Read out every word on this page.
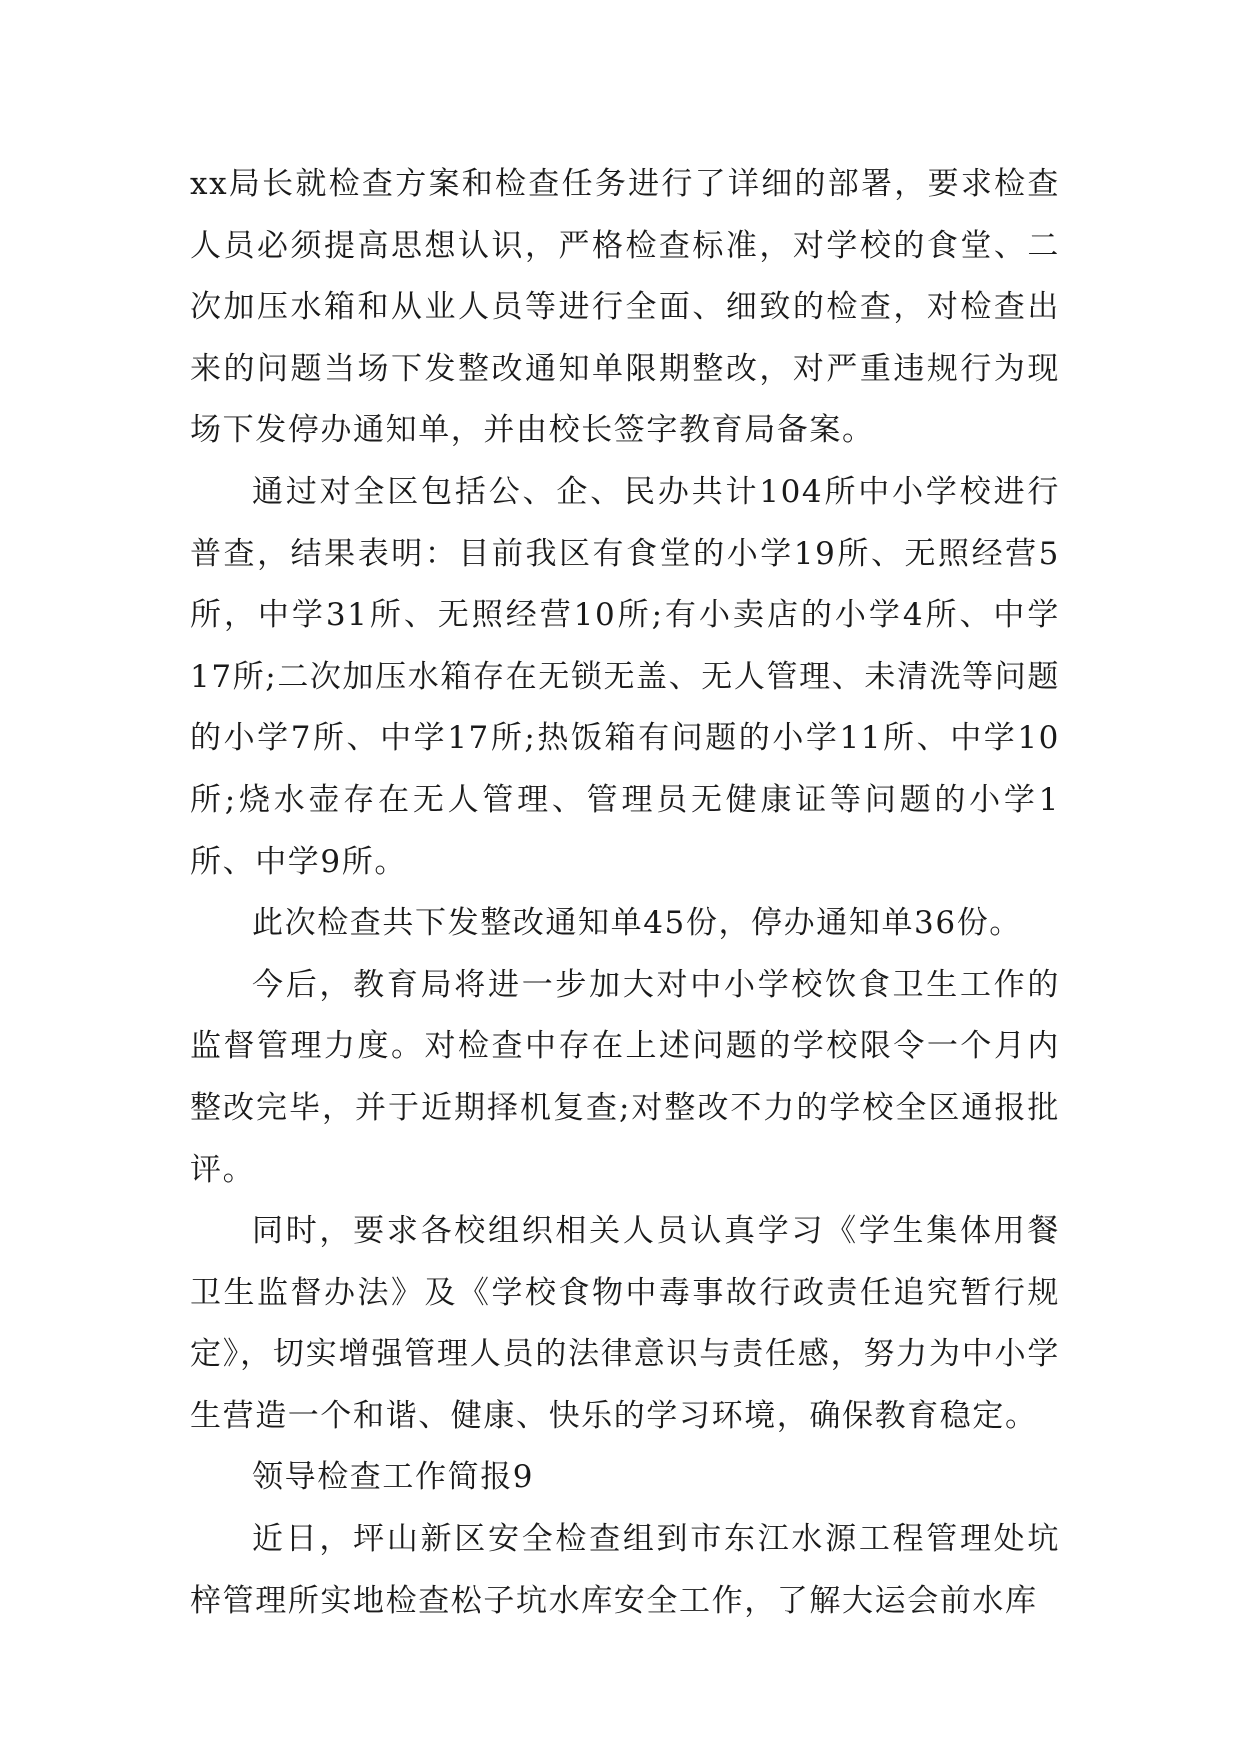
xx局长就检查方案和检查任务进行了详细的部署，要求检查人员必须提高思想认识，严格检查标准，对学校的食堂、二次加压水箱和从业人员等进行全面、细致的检查，对检查出来的问题当场下发整改通知单限期整改，对严重违规行为现场下发停办通知单，并由校长签字教育局备案。

通过对全区包括公、企、民办共计104所中小学校进行普查，结果表明：目前我区有食堂的小学19所、无照经营5所，中学31所、无照经营10所;有小卖店的小学4所、中学17所;二次加压水箱存在无锁无盖、无人管理、未清洗等问题的小学7所、中学17所;热饭箱有问题的小学11所、中学10所;烧水壶存在无人管理、管理员无健康证等问题的小学1所、中学9所。

此次检查共下发整改通知单45份，停办通知单36份。

今后，教育局将进一步加大对中小学校饮食卫生工作的监督管理力度。对检查中存在上述问题的学校限令一个月内整改完毕，并于近期择机复查;对整改不力的学校全区通报批评。

同时，要求各校组织相关人员认真学习《学生集体用餐卫生监督办法》及《学校食物中毒事故行政责任追究暂行规定》，切实增强管理人员的法律意识与责任感，努力为中小学生营造一个和谐、健康、快乐的学习环境，确保教育稳定。

领导检查工作简报9

近日，坪山新区安全检查组到市东江水源工程管理处坑梓管理所实地检查松子坑水库安全工作，了解大运会前水库
